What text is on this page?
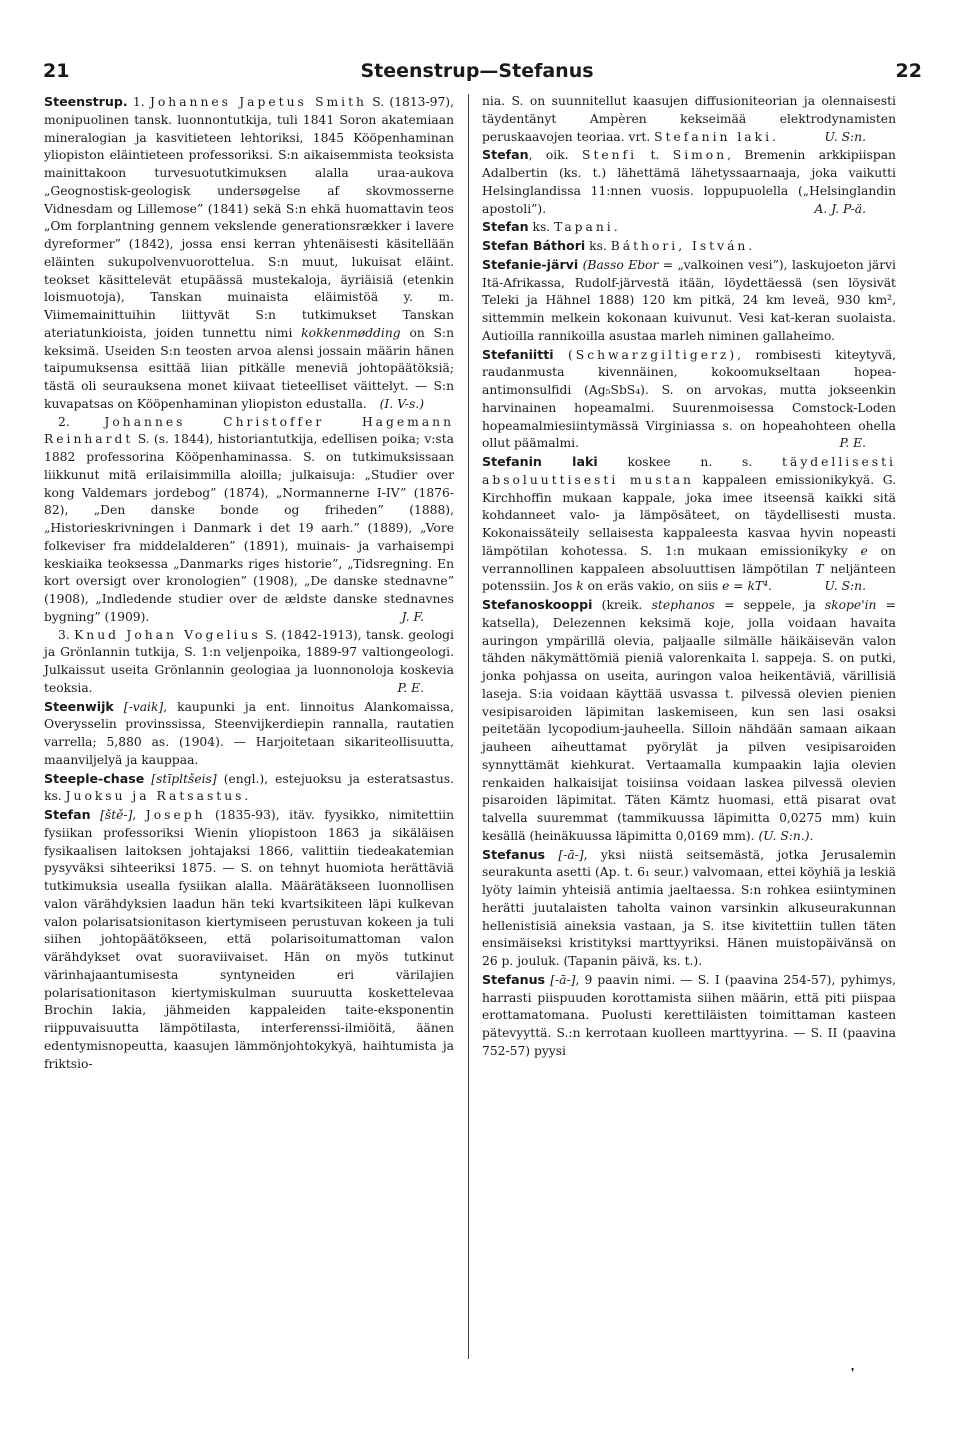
21	Steenstrup—Stefanus	22

Steenstrup. 1. Johannes Japetus Smith S. (1813-97), monipuolinen tansk. luonnontutkija, tuli 1841 Soron akatemiaan mineralogian ja kasvitieteen lehtoriksi, 1845 Kööpenhaminan yliopiston eläintieteen professoriksi. S:n aikaisemmista teoksista mainittakoon turvesuotutkimuksen alalla uraa-aukova „Geognostisk-geologisk undersøgelse af skovmosserne Vidnesdam og Lillemose” (1841) sekä S:n ehkä huomattavin teos „Om forplantning gennem vekslende generationsrækker i lavere dyreformer” (1842), jossa ensi kerran yhtenäisesti käsitellään eläinten sukupolvenvuorottelua. S:n muut, lukuisat eläint. teokset käsittelevät etupäässä mustekaloja, äyriäisiä (etenkin loismuotoja), Tanskan muinaista eläimistöä y. m. Viimemainittuihin liittyvät S:n tutkimukset Tanskan ateriatunkioista, joiden tunnettu nimi kokkenmødding on S:n keksimä. Useiden S:n teosten arvoa alensi jossain määrin hänen taipumuksensa esittää liian pitkälle meneviä johtopäätöksiä; tästä oli seurauksena monet kiivaat tieteelliset väittelyt. — S:n kuvapatsas on Kööpenhaminan yliopiston edustalla. (I. V-s.)

2.	Johannes Christoffer Hagemann Reinhardt S. (s. 1844), historiantutkija, edellisen poika; v:sta 1882 professorina Kööpenhaminassa. S. on tutkimuksissaan liikkunut mitä erilaisimmilla aloilla; julkaisuja: „Studier over kong Valdemars jordebog” (1874), „Normannerne I-IV” (1876-82), „Den danske bonde og friheden” (1888), „Historieskrivningen i Danmark i det 19 aarh.” (1889), „Vore folkeviser fra middelalderen” (1891), muinais- ja varhaisempi keskiaika teoksessa „Danmarks riges historie”, „Tidsregning. En kort oversigt over kronologien” (1908), „De danske stednavne” (1908), „Indledende studier over de ældste danske stednavnes bygning” (1909).	J. F.

3. Knud Johan Vogelius S. (1842-1913), tansk. geologi ja Grönlannin tutkija, S. 1:n veljenpoika, 1889-97 valtiongeologi. Julkaissut useita Grönlannin geologiaa ja luonnonoloja koskevia teoksia.	P. E.

Steenwijk [-vaik], kaupunki ja ent. linnoitus Alankomaissa, Overysselin provinssissa, Steenvijkerdiepin rannalla, rautatien varrella; 5,880 as. (1904). — Harjoitetaan sikariteollisuutta, maanviljelyä ja kauppaa.

Steeple-chase [stīpltšeis] (engl.), estejuoksu ja esteratsastus. ks. Juoksu ja Ratsastus.

Stefan [ště-], Joseph (1835-93), itäv. fyysikko, nimitettiin fysiikan professoriksi Wienin yliopistoon 1863 ja sikäläisen fysikaalisen laitoksen johtajaksi 1866, valittiin tiedeakatemian pysyväksi sihteeriksi 1875. — S. on tehnyt huomiota herättäviä tutkimuksia usealla fysiikan alalla. Määrätäkseen luonnollisen valon värähdyksien laadun hän teki kvartsikiteen läpi kulkevan valon polarisatsionitason kiertymiseen perustuvan kokeen ja tuli siihen johtopäätökseen, että polarisoitumattoman valon värähdykset ovat suoraviivaiset. Hän on myös tutkinut värinhajaantumisesta syntyneiden eri värilajien polarisationitason kiertymiskulman suuruutta koskettelevaa Brochin lakia, jähmeiden kappaleiden taite-eksponentin riippuvaisuutta lämpötilasta, interferenssi-ilmiöitä, äänen edentymisnopeutta, kaasujen lämmönjohtokykyä, haihtumista ja friktsio-

nia. S. on suunnitellut kaasujen diffusioniteorian ja olennaisesti täydentänyt Ampèren kekseimää elektrodynamisten peruskaavojen teoriaa. vrt. Stefanin laki.	U. S:n.

Stefan, oik. Stenfi t. Simon, Bremenin arkkipiispan Adalbertin (ks. t.) lähettämä lähetyssaarnaaja, joka vaikutti Helsinglandissa 11:nnen vuosis. loppupuolella („Helsinglandin apostoli”).	A. J. P-ä.

Stefan ks. Tapani.

Stefan Báthori ks. Báthori, István.

Stefanie-järvi (Basso Ebor = „valkoinen vesi”), laskujoeton järvi Itä-Afrikassa, Rudolf-järvestä itään, löydettäessä (sen löysivät Teleki ja Hähnel 1888) 120 km pitkä, 24 km leveä, 930 km², sittemmin melkein kokonaan kuivunut. Vesi kat-keran suolaista. Autioilla rannikoilla asustaa marleh niminen gallaheimo.

Stefaniitti (Schwarzgiltigerz), rombisesti kiteytyvä, raudanmusta kivennäinen, kokoomukseltaan hopea-antimonsulfidi (Ag₅SbS₄). S. on arvokas, mutta jokseenkin harvinainen hopeamalmi. Suurenmoisessa Comstock-Loden hopeamalmiesiintymässä Virginiassa s. on hopeahohteen ohella ollut päämalmi.	P. E.

Stefanin laki koskee n. s. täydellisesti absoluuttisesti mustan kappaleen emissionikykyä. G. Kirchhoffin mukaan kappale, joka imee itseensä kaikki sitä kohdanneet valo- ja lämpösäteet, on täydellisesti musta. Kokonaissäteily sellaisesta kappaleesta kasvaa hyvin nopeasti lämpötilan kohotessa. S. 1:n mukaan emissionikyky e on verrannollinen kappaleen absoluuttisen lämpötilan T neljänteen potenssiin. Jos k on eräs vakio, on siis e = kT⁴.	U. S:n.

Stefanoskooppi (kreik. stephanos = seppele, ja skope'in = katsella), Delezennen keksimä koje, jolla voidaan havaita auringon ympärillä olevia, paljaalle silmälle häikäisevän valon tähden näkymättömiä pieniä valorenkaita l. sappeja. S. on putki, jonka pohjassa on useita, auringon valoa heikentäviä, värillisiä laseja. S:ia voidaan käyttää usvassa t. pilvessä olevien pienien vesipisaroiden läpimitan laskemiseen, kun sen lasi osaksi peitetään lycopodium-jauheella. Silloin nähdään samaan aikaan jauheen aiheuttamat pyörylät ja pilven vesipisaroiden synnyttämät kiehkurat. Vertaamalla kumpaakin lajia olevien renkaiden halkaisijat toisiinsa voidaan laskea pilvessä olevien pisaroiden läpimitat. Täten Kämtz huomasi, että pisarat ovat talvella suuremmat (tammikuussa läpimitta 0,0275 mm) kuin kesällä (heinäkuussa läpimitta 0,0169 mm). (U. S:n.).

Stefanus [-ā-], yksi niistä seitsemästä, jotka Jerusalemin seurakunta asetti (Ap. t. 6₁ seur.) valvomaan, ettei köyhiä ja leskiä lyöty laimin yhteisiä antimia jaeltaessa. S:n rohkea esiintyminen herätti juutalaisten taholta vainon varsinkin alkuseurakunnan hellenistisiä aineksia vastaan, ja S. itse kivitettiin tullen täten ensimäiseksi kristityksi marttyyriksi. Hänen muistopäivänsä on 26 p. jouluk. (Tapanin päivä, ks. t.).

Stefanus [-ā-], 9 paavin nimi. — S. I (paavina 254-57), pyhimys, harrasti piispuuden korottamista siihen määrin, että piti piispaa erottamatomana. Puolusti kerettiläisten toimittaman kasteen pätevyyttä. S.:n kerrotaan kuolleen marttyyrina. — S. II (paavina 752-57) pyysi

❜
